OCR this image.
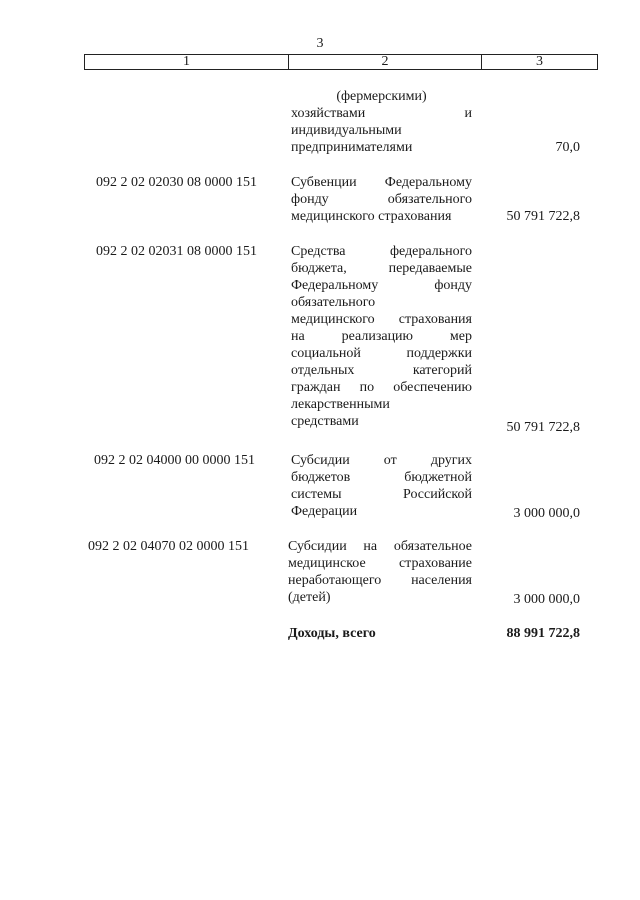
3
1	2	3
(фермерскими)
хозяйствами и
индивидуальными
предпринимателями	70,0
092 2 02 02030 08 0000 151 Субвенции Федеральному
фонду обязательного
медицинского страхования	50 791 722,8
092 2 02 02031 08 0000 151 Средства федерального
бюджета, передаваемые
Федеральному фонду
обязательного
медицинского страхования
на реализацию мер
социальной поддержки
отдельных категорий
граждан по обеспечению
лекарственными
средствами	50 791 722,8
092 2 02 04000 00 0000 151	Субсидии от других
бюджетов бюджетной
системы Российской
Федерации	3 000 000,0
092 2 02 04070 02 0000 151	Субсидии на обязательное
медицинское страхование
неработающего населения
(детей)	3 000 000,0
Доходы, всего	88 991 722,8
